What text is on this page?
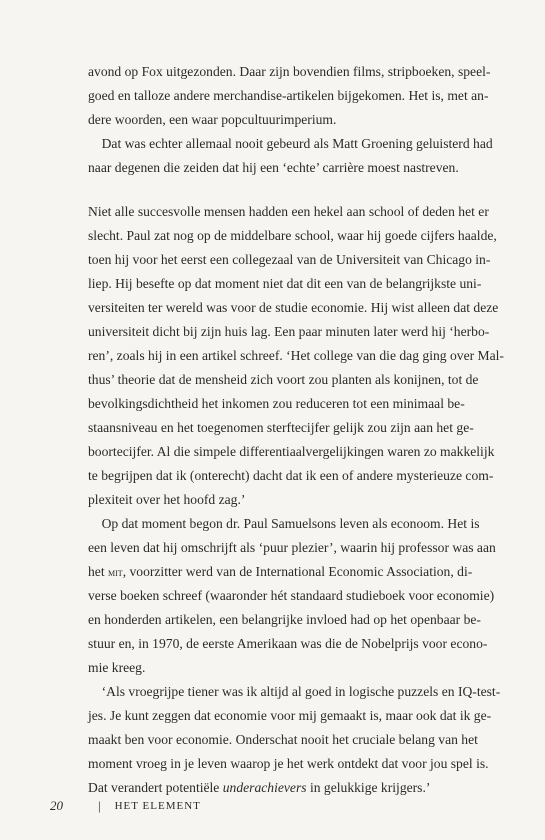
avond op Fox uitgezonden. Daar zijn bovendien films, stripboeken, speel-
goed en talloze andere merchandise-artikelen bijgekomen. Het is, met an-
dere woorden, een waar popcultuurimperium.
 Dat was echter allemaal nooit gebeurd als Matt Groening geluisterd had
naar degenen die zeiden dat hij een ‘echte’ carrière moest nastreven.
Niet alle succesvolle mensen hadden een hekel aan school of deden het er
slecht. Paul zat nog op de middelbare school, waar hij goede cijfers haalde,
toen hij voor het eerst een collegezaal van de Universiteit van Chicago in-
liep. Hij besefte op dat moment niet dat dit een van de belangrijkste uni-
versiteiten ter wereld was voor de studie economie. Hij wist alleen dat deze
universiteit dicht bij zijn huis lag. Een paar minuten later werd hij ‘herbo-
ren’, zoals hij in een artikel schreef. ‘Het college van die dag ging over Mal-
thus’ theorie dat de mensheid zich voort zou planten als konijnen, tot de
bevolkingsdichtheid het inkomen zou reduceren tot een minimaal be-
staansniveau en het toegenomen sterftecijfer gelijk zou zijn aan het ge-
boortecijfer. Al die simpele differentiaalvergelijkingen waren zo makkelijk
te begrijpen dat ik (onterecht) dacht dat ik een of andere mysterieuze com-
plexiteit over het hoofd zag.’
 Op dat moment begon dr. Paul Samuelsons leven als econoom. Het is
een leven dat hij omschrijft als ‘puur plezier’, waarin hij professor was aan
het mit, voorzitter werd van de International Economic Association, di-
verse boeken schreef (waaronder hét standaard studieboek voor economie)
en honderden artikelen, een belangrijke invloed had op het openbaar be-
stuur en, in 1970, de eerste Amerikaan was die de Nobelprijs voor econo-
mie kreeg.
 ‘Als vroegrijpe tiener was ik altijd al goed in logische puzzels en IQ-test-
jes. Je kunt zeggen dat economie voor mij gemaakt is, maar ook dat ik ge-
maakt ben voor economie. Onderschat nooit het cruciale belang van het
moment vroeg in je leven waarop je het werk ontdekt dat voor jou spel is.
Dat verandert potentiële underachievers in gelukkige krijgers.’
20	| HET ELEMENT
